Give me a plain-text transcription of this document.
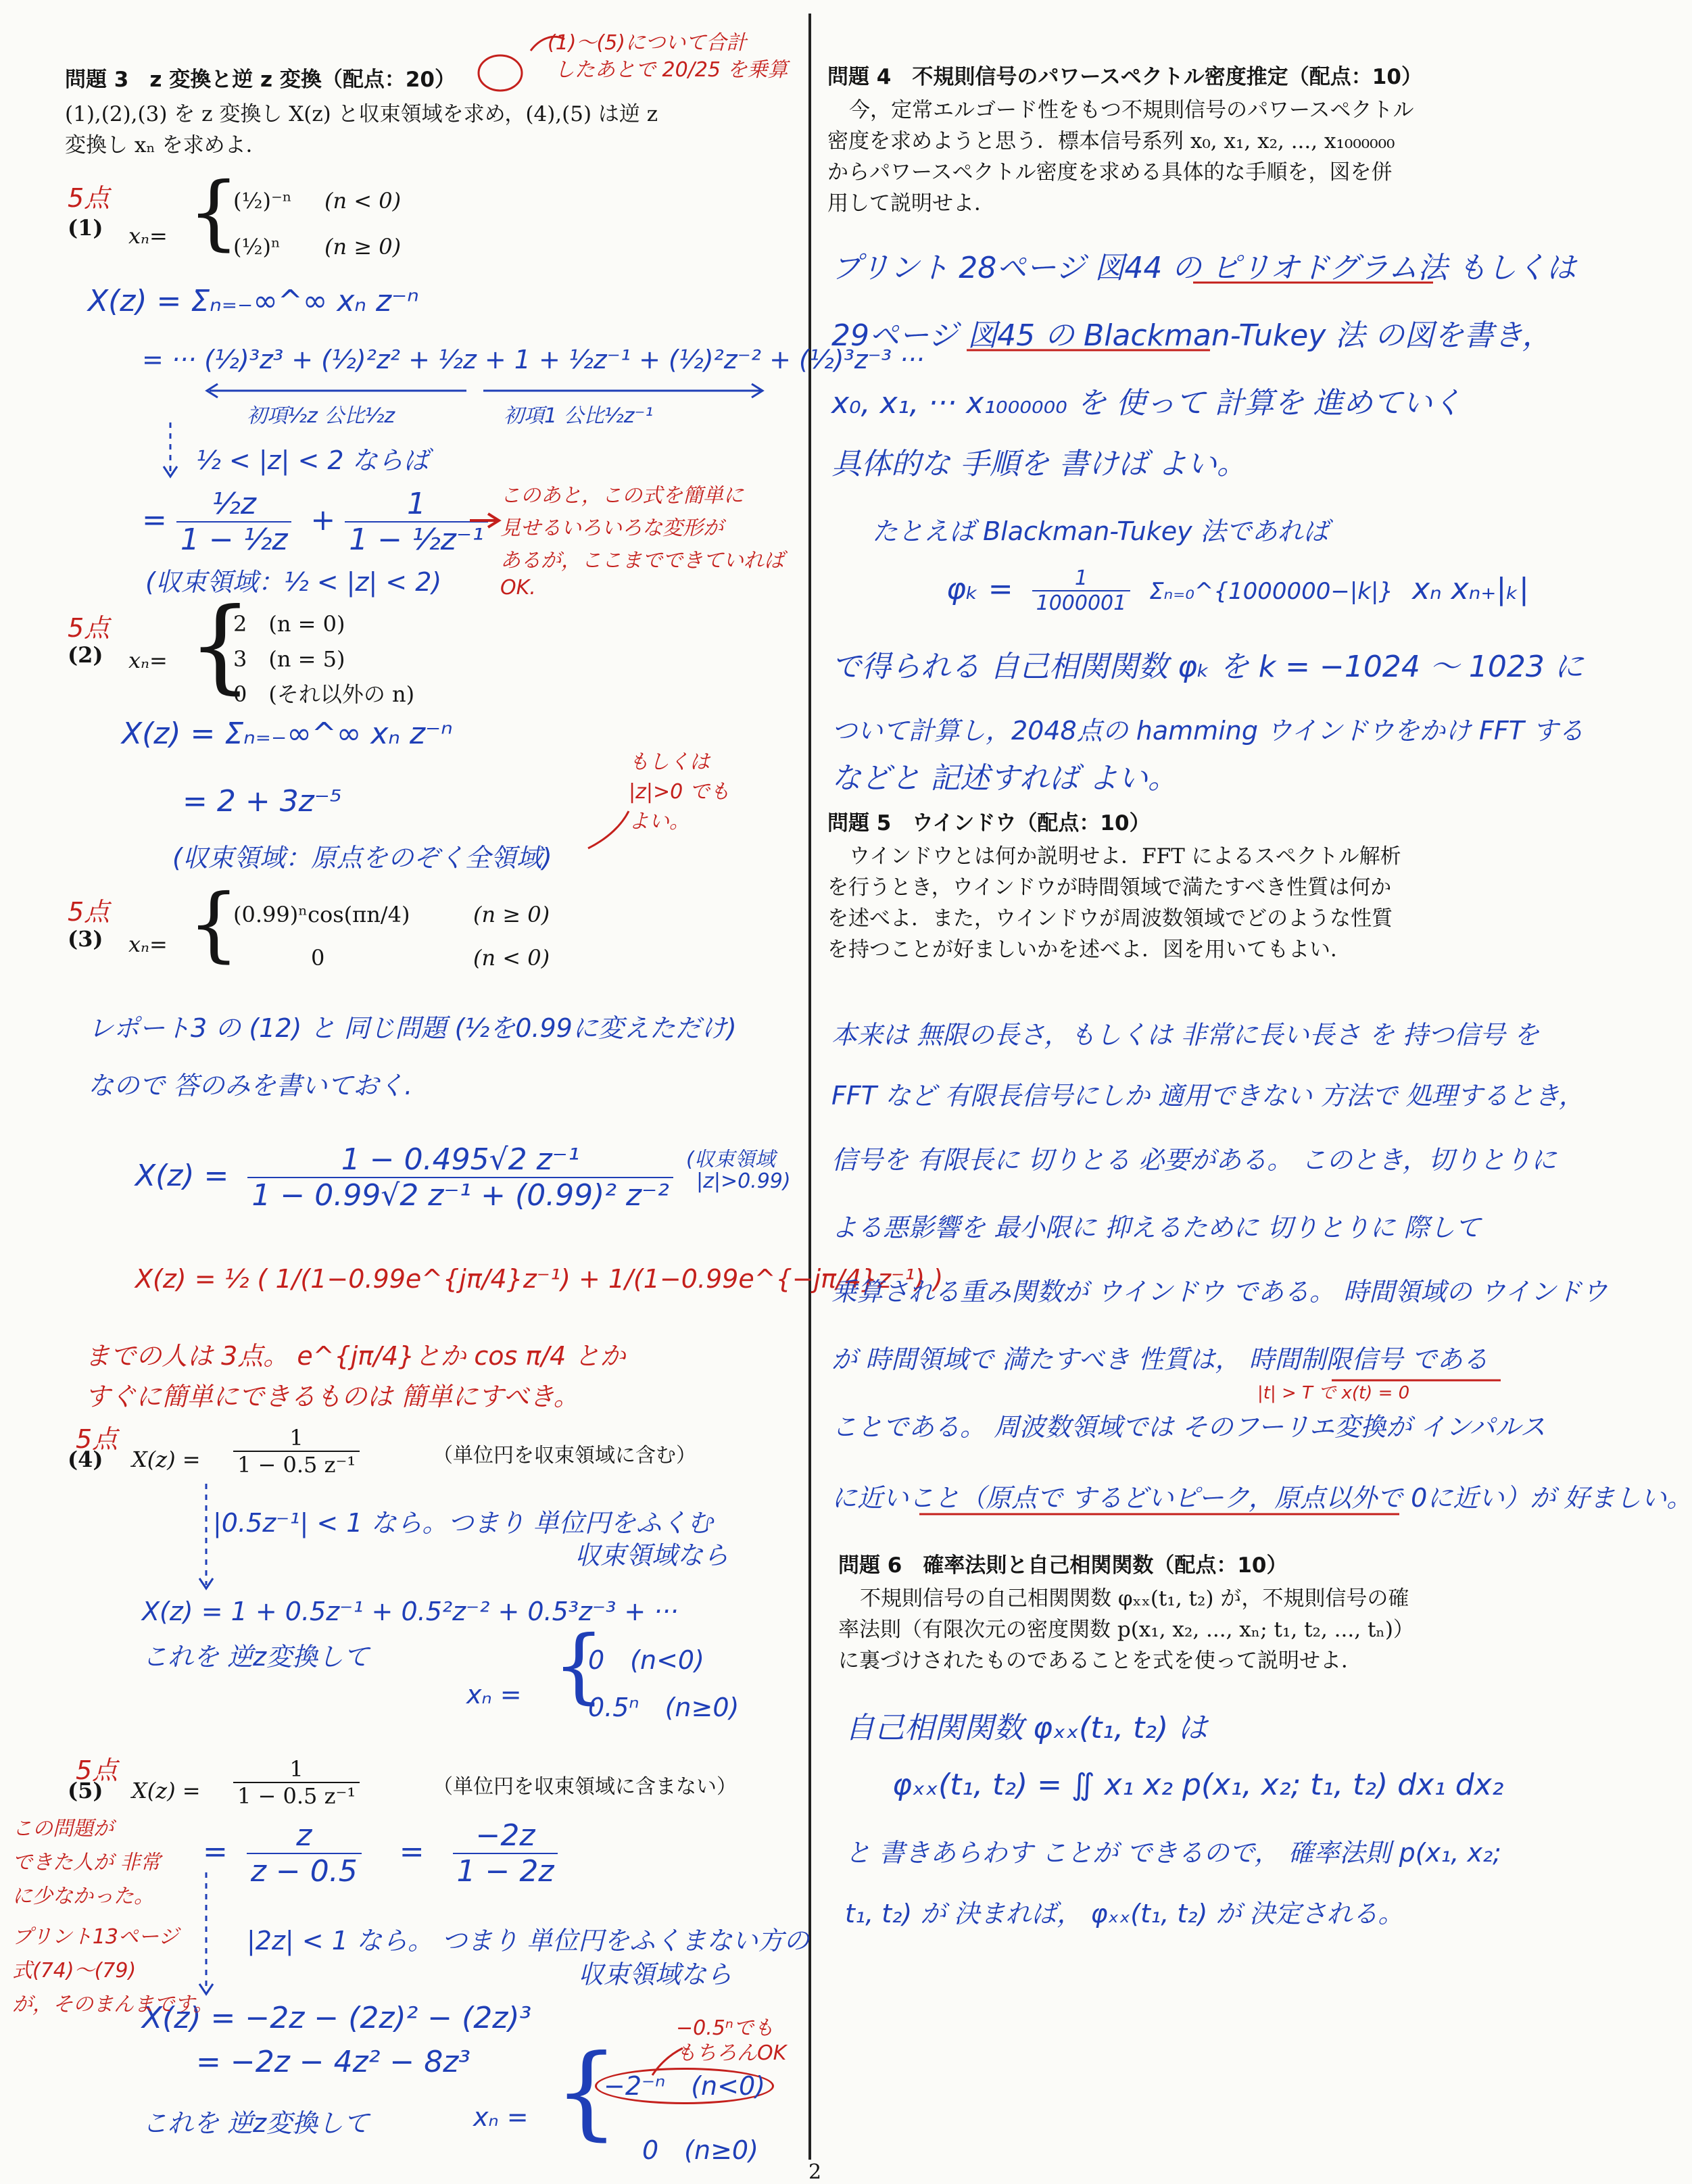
2
問題 3　z 変換と逆 z 変換（配点：20）
(1)〜(5)について合計
したあとで 20/25 を乗算
(1),(2),(3) を z 変換し X(z) と収束領域を求め，(4),(5) は逆 z
変換し xₙ を求めよ．
5点
(1) xₙ= {
(½)⁻ⁿ (n < 0)
(½)ⁿ (n ≥ 0)
X(z) = Σₙ₌₋∞^∞ xₙ z⁻ⁿ
= ··· (½)³z³ + (½)²z² + ½z + 1 + ½z⁻¹ + (½)²z⁻² + (½)³z⁻³ ···
初項½z 公比½z	初項1 公比½z⁻¹
½ < |z| < 2 ならば
= $\frac{\text{½z}}{\text{1 − ½z}} + \frac{1}{\text{1 − ½z⁻¹}}$
(収束領域：½ < |z| < 2)
このあと，この式を簡単に
見せるいろいろな変形が
あるが，ここまでできていれば
OK.
5点
(2) xₙ= {
2　(n = 0)
3　(n = 5)
0　(それ以外の n)
X(z) = Σₙ₌₋∞^∞ xₙ z⁻ⁿ
= 2 + 3z⁻⁵
(収束領域：原点をのぞく全領域)
もしくは
|z|>0 でも
よい。
5点
(3) xₙ= {
(0.99)ⁿcos(πn/4)	(n ≥ 0)
0	(n < 0)
レポート3 の (12) と 同じ問題 (½を0.99に変えただけ)
なので 答のみを書いておく.
$X(z) = \frac{\text{1 − 0.495√2 z⁻¹}}{\text{1 − 0.99√2 z⁻¹ + (0.99)² z⁻²}}$ (収束領域
|z|>0.99)
X(z) = ½ ( 1/(1−0.99e^{jπ/4}z⁻¹) + 1/(1−0.99e^{−jπ/4}z⁻¹) )
までの人は 3点。 e^{jπ/4}とか cos π/4 とか
すぐに簡単にできるものは 簡単にすべき。
5点
(4) $X(z) = \frac{1}{\text{1 − 0.5 z⁻¹}}$	（単位円を収束領域に含む）
|0.5z⁻¹| < 1 なら。つまり 単位円をふくむ
収束領域なら
X(z) = 1 + 0.5z⁻¹ + 0.5²z⁻² + 0.5³z⁻³ + ···
これを 逆z変換して
xₙ = {
0　(n<0)
0.5ⁿ　(n≥0)
5点
(5) $X(z) = \frac{1}{\text{1 − 0.5 z⁻¹}}$	（単位円を収束領域に含まない）
= $\frac{z}{z - 0.5} = \frac{-2z}{1 - 2z}$
|2z| < 1 なら。 つまり 単位円をふくまない方の
収束領域なら
X(z) = −2z − (2z)² − (2z)³
= −2z − 4z² − 8z³
これを 逆z変換して	xₙ = {
−2⁻ⁿ　(n<0)
0　(n≥0)
−0.5ⁿでも
もちろんOK
この問題が
できた人が 非常
に少なかった。
プリント13ページ
式(74)〜(79)
が，そのまんまです。
問題 4　不規則信号のパワースペクトル密度推定（配点：10）
今，定常エルゴード性をもつ不規則信号のパワースペクトル
密度を求めようと思う．標本信号系列 x₀, x₁, x₂, ..., x₁₀₀₀₀₀₀
からパワースペクトル密度を求める具体的な手順を，図を併
用して説明せよ．
プリント 28ページ 図44 の ピリオドグラム法 もしくは
29ページ 図45 の Blackman-Tukey 法 の図を書き，
x₀, x₁, ··· x₁₀₀₀₀₀₀ を 使って 計算を 進めていく
具体的な 手順を 書けば よい。
たとえば Blackman-Tukey 法であれば
$\varphi_k = \frac{1}{1000001}$ Σₙ₌₀^{1000000−|k|} xₙ xₙ₊|ₖ|
で得られる 自己相関関数 φₖ を k = −1024 〜 1023 に
ついて計算し，2048点の hamming ウインドウをかけ FFT する
などと 記述すれば よい。
問題 5　ウインドウ（配点：10）
ウインドウとは何か説明せよ．FFT によるスペクトル解析
を行うとき，ウインドウが時間領域で満たすべき性質は何か
を述べよ．また，ウインドウが周波数領域でどのような性質
を持つことが好ましいかを述べよ．図を用いてもよい．
本来は 無限の長さ，もしくは 非常に長い長さ を 持つ信号 を
FFT など 有限長信号にしか 適用できない 方法で 処理するとき，
信号を 有限長に 切りとる 必要がある。 このとき，切りとりに
よる悪影響を 最小限に 抑えるために 切りとりに 際して
乗算される重み関数が ウインドウ である。 時間領域の ウインドウ
が 時間領域で 満たすべき 性質は， 時間制限信号 である
|t| > T で x(t) = 0
ことである。 周波数領域では そのフーリエ変換が インパルス
に近いこと（原点で するどいピーク，原点以外で 0に近い）が 好ましい。
問題 6　確率法則と自己相関関数（配点：10）
不規則信号の自己相関関数 φₓₓ(t₁, t₂) が，不規則信号の確
率法則（有限次元の密度関数 p(x₁, x₂, ..., xₙ; t₁, t₂, ..., tₙ)）
に裏づけされたものであることを式を使って説明せよ．
自己相関関数 φₓₓ(t₁, t₂) は
φₓₓ(t₁, t₂) = ∬ x₁ x₂ p(x₁, x₂; t₁, t₂) dx₁ dx₂
と 書きあらわす ことが できるので， 確率法則 p(x₁, x₂;
t₁, t₂) が 決まれば， φₓₓ(t₁, t₂) が 決定される。
